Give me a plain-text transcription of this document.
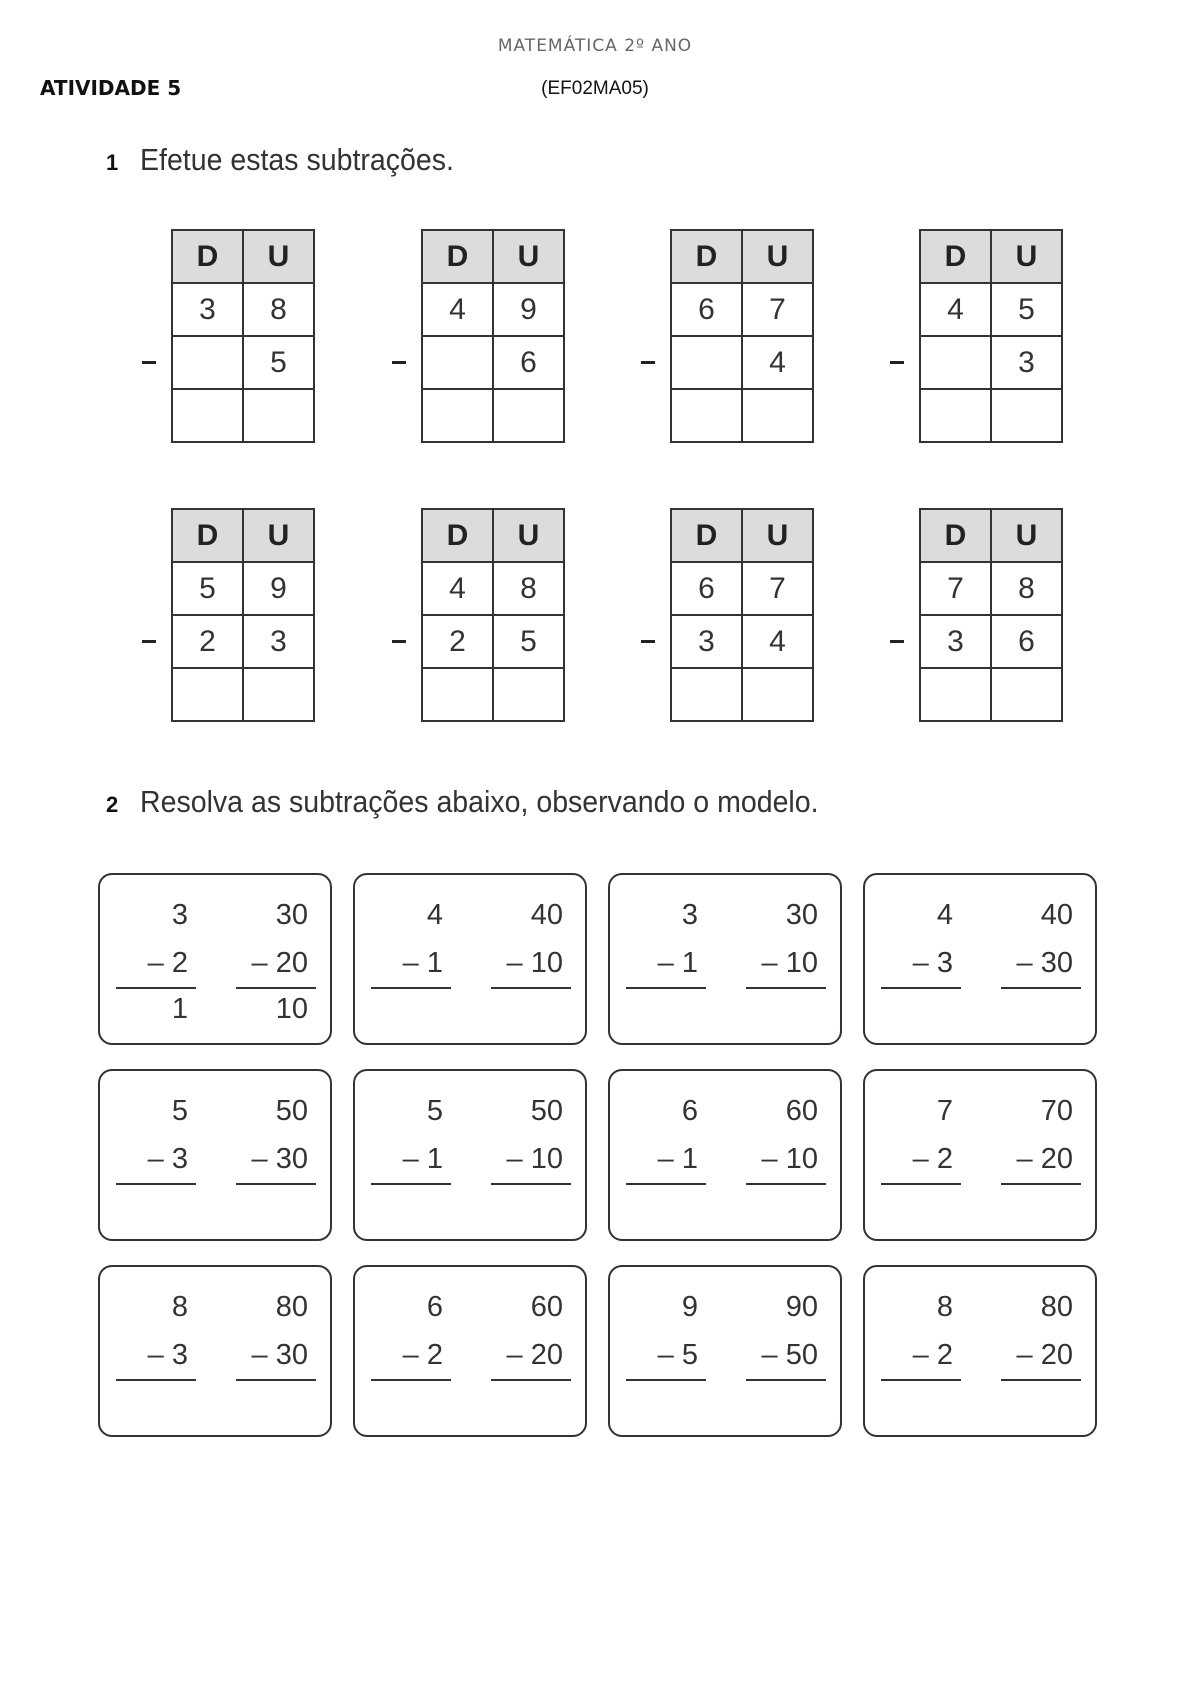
MATEMÁTICA 2º ANO
ATIVIDADE 5	(EF02MA05)
1 Efetue estas subtrações.
D	U
3	8
	5

D	U
4	9
	6

D	U
6	7
	4

D	U
4	5
	3

D	U
5	9
2	3

D	U
4	8
2	5

D	U
6	7
3	4

D	U
7	8
3	6

2 Resolva as subtrações abaixo, observando o modelo.
3
– 2
1
30
– 20
10
4
– 1
40
– 10
3
– 1
30
– 10
4
– 3
40
– 30
5
– 3
50
– 30
5
– 1
50
– 10
6
– 1
60
– 10
7
– 2
70
– 20
8
– 3
80
– 30
6
– 2
60
– 20
9
– 5
90
– 50
8
– 2
80
– 20
